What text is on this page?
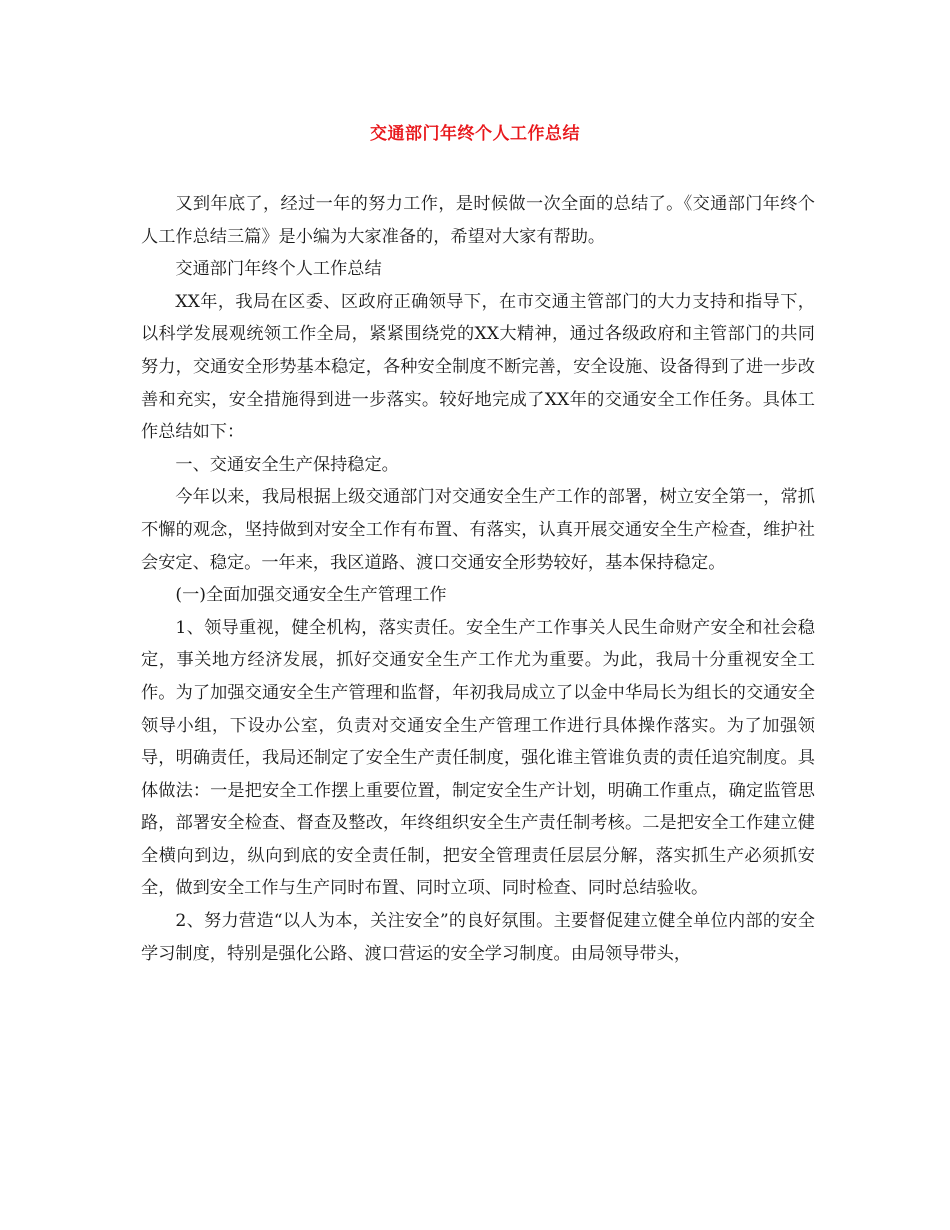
交通部门年终个人工作总结

又到年底了，经过一年的努力工作，是时候做一次全面的总结了。《交通部门年终个人工作总结三篇》是小编为大家准备的，希望对大家有帮助。

交通部门年终个人工作总结

XX年，我局在区委、区政府正确领导下，在市交通主管部门的大力支持和指导下，以科学发展观统领工作全局，紧紧围绕党的XX大精神，通过各级政府和主管部门的共同努力，交通安全形势基本稳定，各种安全制度不断完善，安全设施、设备得到了进一步改善和充实，安全措施得到进一步落实。较好地完成了XX年的交通安全工作任务。具体工作总结如下：

一、交通安全生产保持稳定。

今年以来，我局根据上级交通部门对交通安全生产工作的部署，树立安全第一，常抓不懈的观念，坚持做到对安全工作有布置、有落实，认真开展交通安全生产检查，维护社会安定、稳定。一年来，我区道路、渡口交通安全形势较好，基本保持稳定。

(一)全面加强交通安全生产管理工作

1、领导重视，健全机构，落实责任。安全生产工作事关人民生命财产安全和社会稳定，事关地方经济发展，抓好交通安全生产工作尤为重要。为此，我局十分重视安全工作。为了加强交通安全生产管理和监督，年初我局成立了以金中华局长为组长的交通安全领导小组，下设办公室，负责对交通安全生产管理工作进行具体操作落实。为了加强领导，明确责任，我局还制定了安全生产责任制度，强化谁主管谁负责的责任追究制度。具体做法：一是把安全工作摆上重要位置，制定安全生产计划，明确工作重点，确定监管思路，部署安全检查、督查及整改，年终组织安全生产责任制考核。二是把安全工作建立健全横向到边，纵向到底的安全责任制，把安全管理责任层层分解，落实抓生产必须抓安全，做到安全工作与生产同时布置、同时立项、同时检查、同时总结验收。

2、努力营造“以人为本，关注安全”的良好氛围。主要督促建立健全单位内部的安全学习制度，特别是强化公路、渡口营运的安全学习制度。由局领导带头，
